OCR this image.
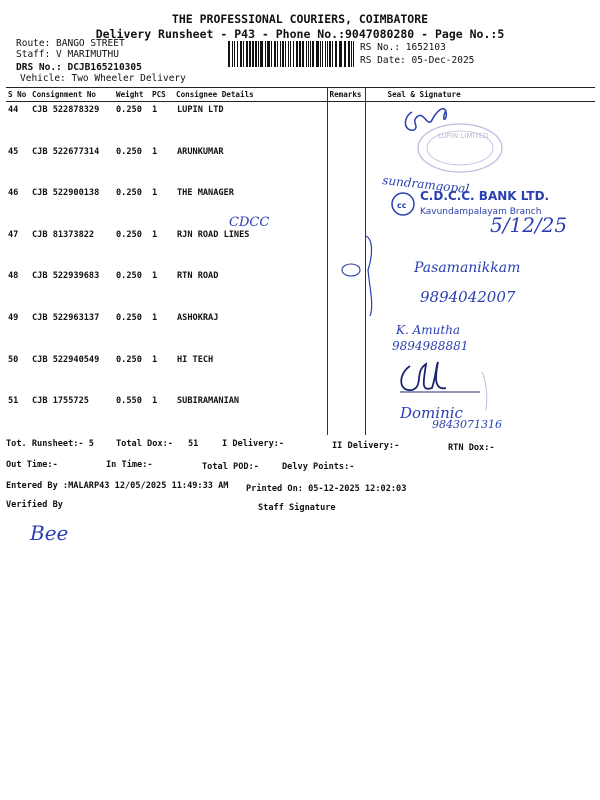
THE PROFESSIONAL COURIERS, COIMBATORE
Delivery Runsheet - P43 - Phone No.:9047080280 - Page No.:5
Route: BANGO STREET
Staff: V MARIMUTHU
DRS No.: DCJB165210305
Vehicle: Two Wheeler Delivery
RS No.: 1652103
RS Date: 05-Dec-2025
S No	Consignment No	Weight	PCS	Consignee Details	Remarks	Seal & Signature
44	CJB 522878329	0.250	1	LUPIN LTD		
45	CJB 522677314	0.250	1	ARUNKUMAR		
46	CJB 522900138	0.250	1	THE MANAGER		
47	CJB 81373822	0.250	1	RJN ROAD LINES		
48	CJB 522939683	0.250	1	RTN ROAD		
49	CJB 522963137	0.250	1	ASHOKRAJ		
50	CJB 522940549	0.250	1	HI TECH		
51	CJB 1755725	0.550	1	SUBIRAMANIAN		
LUPIN LIMITED
sundramgopal
cc
C.D.C.C. BANK LTD.
Kavundampalayam Branch
5/12/25
CDCC
Pasamanikkam
9894042007
K. Amutha
9894988881
Dominic
9843071316
Bee
Tot. Runsheet:- 5	Total Dox:- 51	I Delivery:-	II Delivery:-	RTN Dox:-
Out Time:-	In Time:-	Total POD:-	Delvy Points:-
Entered By :MALARP43 12/05/2025 11:49:33 AM Printed On: 05-12-2025 12:02:03
Verified By	Staff Signature
